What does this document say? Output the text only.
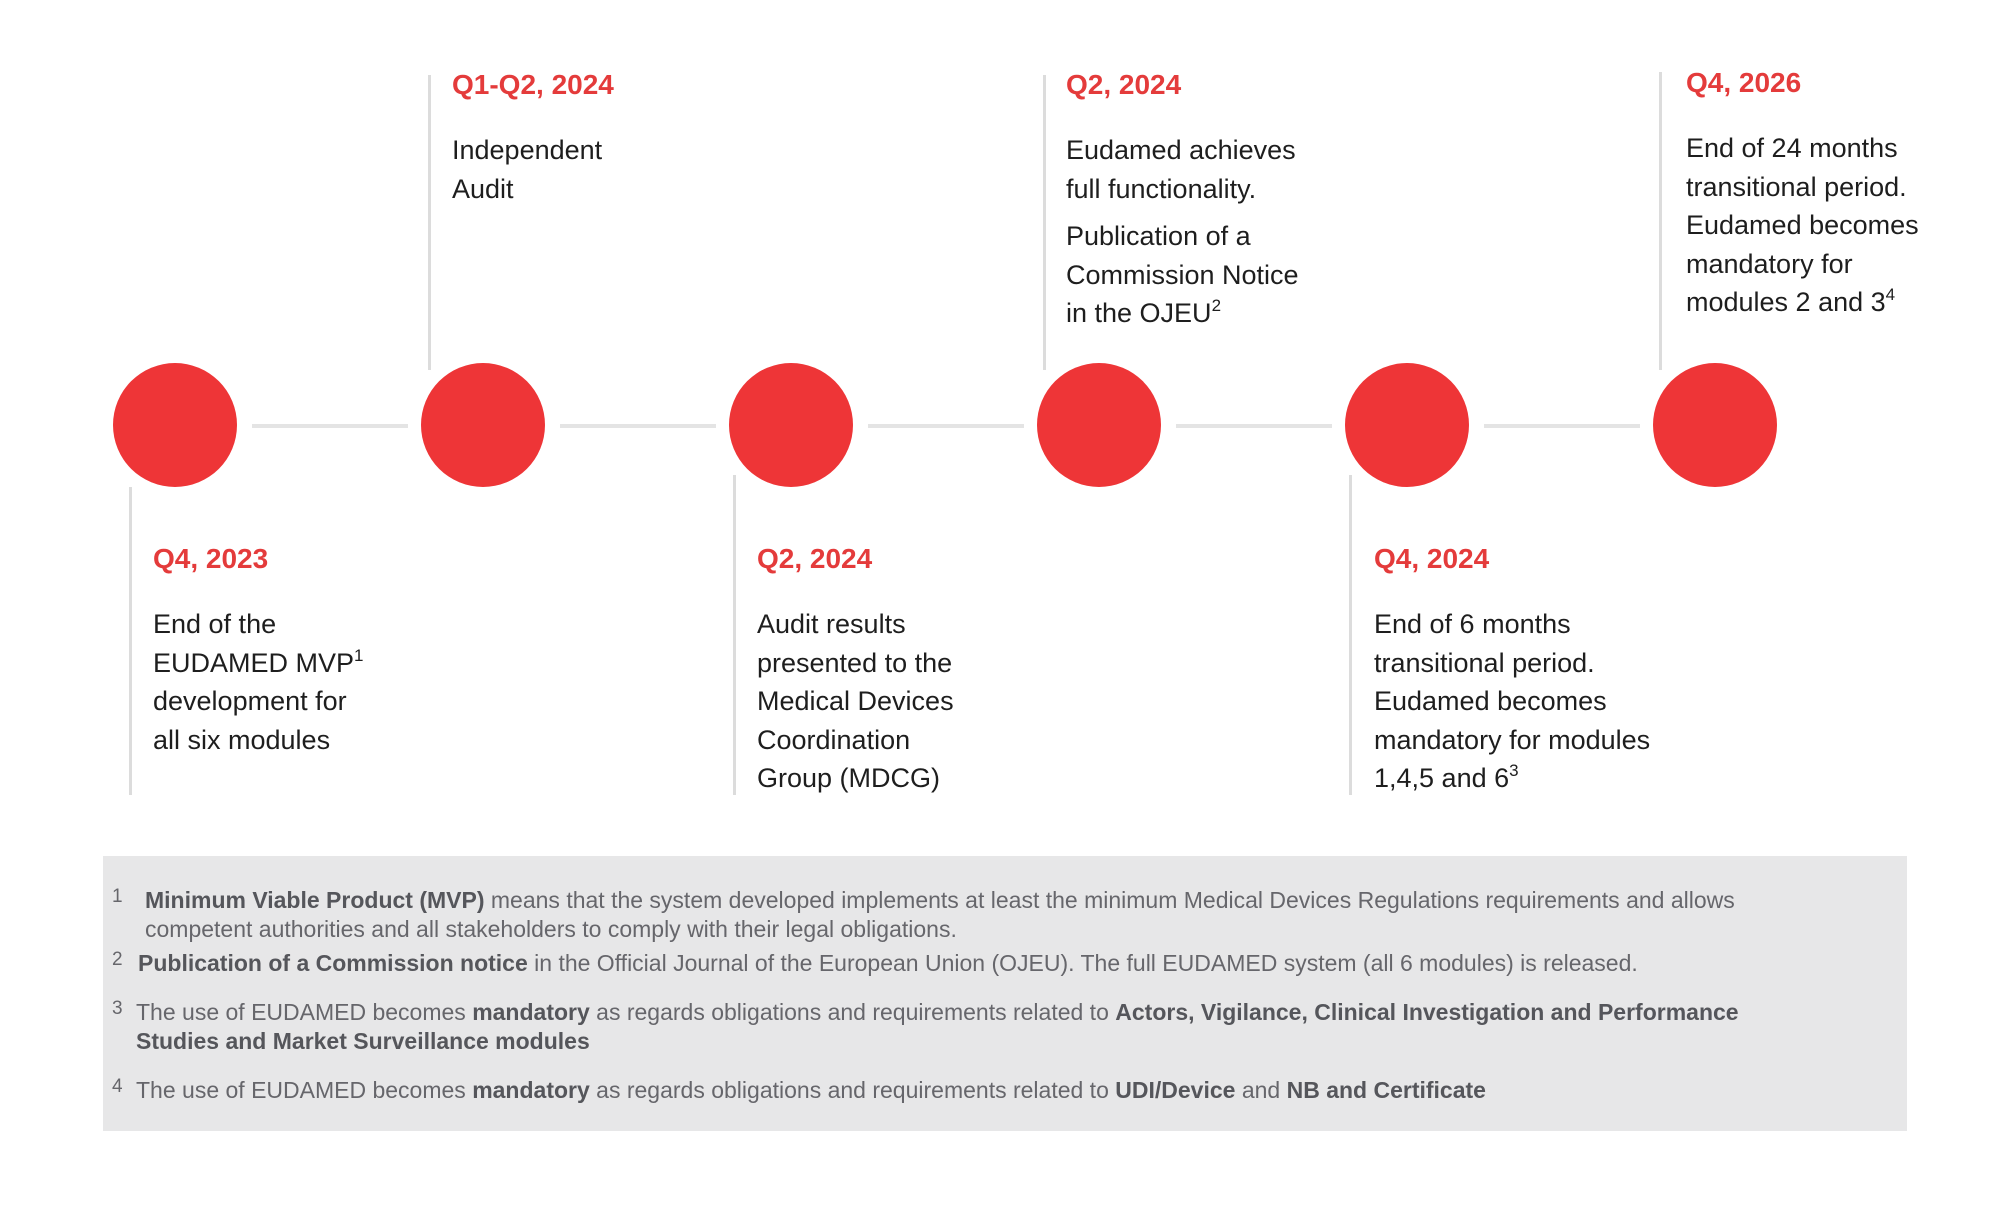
Q4, 2023

End of the
EUDAMED MVP$^1$
development for
all six modules

Q1-Q2, 2024

Independent
Audit

Q2, 2024

Audit results
presented to the
Medical Devices
Coordination
Group (MDCG)

Q2, 2024

Eudamed achieves
full functionality.

Publication of a
Commission Notice
in the OJEU$^2$

Q4, 2024

End of 6 months
transitional period.
Eudamed becomes
mandatory for modules
1,4,5 and $6^3$

Q4, 2026

End of 24 months
transitional period.
Eudamed becomes
mandatory for
modules 2 and $3^4$

1 Minimum Viable Product (MVP) means that the system developed implements at least the minimum Medical Devices Regulations requirements and allows competent authorities and all stakeholders to comply with their legal obligations.
2 Publication of a Commission notice in the Official Journal of the European Union (OJEU). The full EUDAMED system (all 6 modules) is released.
3 The use of EUDAMED becomes mandatory as regards obligations and requirements related to Actors, Vigilance, Clinical Investigation and Performance Studies and Market Surveillance modules
4 The use of EUDAMED becomes mandatory as regards obligations and requirements related to UDI/Device and NB and Certificate
